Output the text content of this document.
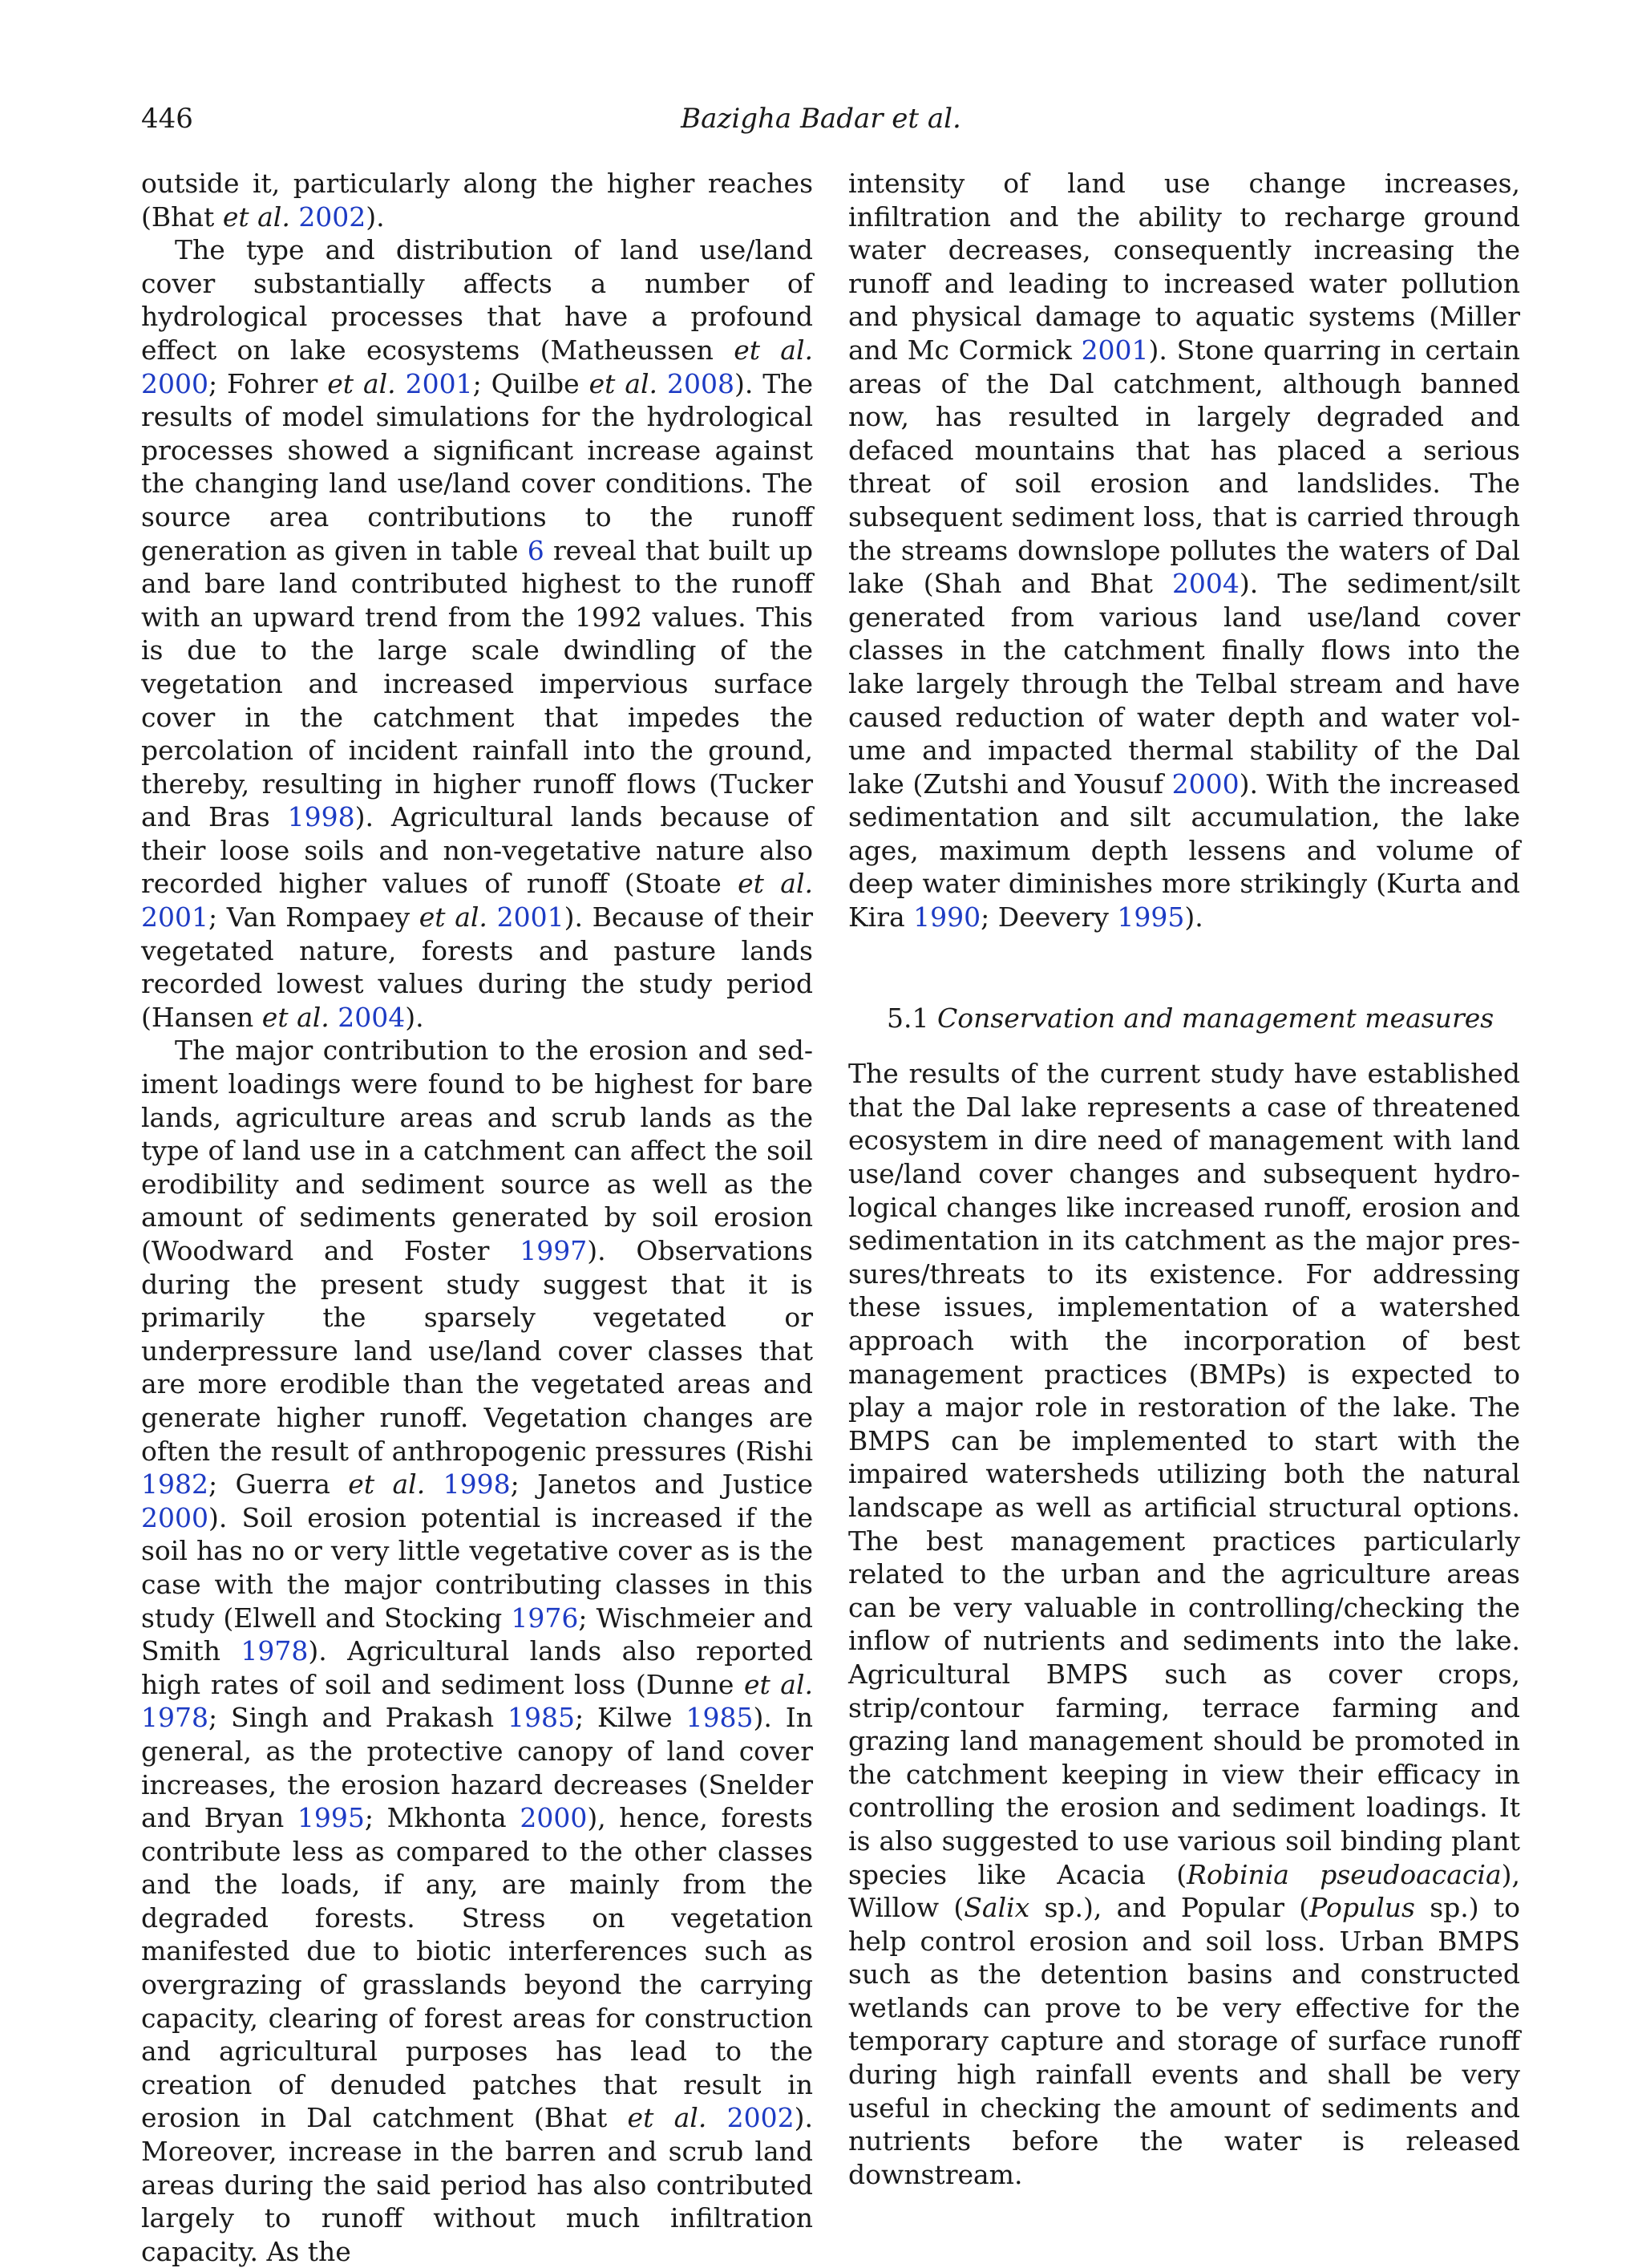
446	Bazigha Badar et al.

outside it, particularly along the higher reaches (Bhat et al. 2002).

The type and distribution of land use/land cover substantially affects a number of hydrological processes that have a profound effect on lake ecosystems (Matheussen et al. 2000; Fohrer et al. 2001; Quilbe et al. 2008). The results of model simulations for the hydrological processes showed a significant increase against the changing land use/land cover conditions. The source area contributions to the runoff generation as given in table 6 reveal that built up and bare land contributed highest to the runoff with an upward trend from the 1992 values. This is due to the large scale dwindling of the vegetation and increased impervious surface cover in the catchment that impedes the percolation of incident rainfall into the ground, thereby, resulting in higher runoff flows (Tucker and Bras 1998). Agricultural lands because of their loose soils and non-vegetative nature also recorded higher values of runoff (Stoate et al. 2001; Van Rompaey et al. 2001). Because of their vegetated nature, forests and pasture lands recorded lowest values during the study period (Hansen et al. 2004).

The major contribution to the erosion and sediment loadings were found to be highest for bare lands, agriculture areas and scrub lands as the type of land use in a catchment can affect the soil erodibility and sediment source as well as the amount of sediments generated by soil erosion (Woodward and Foster 1997). Observations during the present study suggest that it is primarily the sparsely vegetated or underpressure land use/land cover classes that are more erodible than the vegetated areas and generate higher runoff. Vegetation changes are often the result of anthropogenic pressures (Rishi 1982; Guerra et al. 1998; Janetos and Justice 2000). Soil erosion potential is increased if the soil has no or very little vegetative cover as is the case with the major contributing classes in this study (Elwell and Stocking 1976; Wischmeier and Smith 1978). Agricultural lands also reported high rates of soil and sediment loss (Dunne et al. 1978; Singh and Prakash 1985; Kilwe 1985). In general, as the protective canopy of land cover increases, the erosion hazard decreases (Snelder and Bryan 1995; Mkhonta 2000), hence, forests contribute less as compared to the other classes and the loads, if any, are mainly from the degraded forests. Stress on vegetation manifested due to biotic interferences such as overgrazing of grasslands beyond the carrying capacity, clearing of forest areas for construction and agricultural purposes has lead to the creation of denuded patches that result in erosion in Dal catchment (Bhat et al. 2002). Moreover, increase in the barren and scrub land areas during the said period has also contributed largely to runoff without much infiltration capacity. As the

intensity of land use change increases, infiltration and the ability to recharge ground water decreases, consequently increasing the runoff and leading to increased water pollution and physical damage to aquatic systems (Miller and Mc Cormick 2001). Stone quarring in certain areas of the Dal catchment, although banned now, has resulted in largely degraded and defaced mountains that has placed a serious threat of soil erosion and landslides. The subsequent sediment loss, that is carried through the streams downslope pollutes the waters of Dal lake (Shah and Bhat 2004). The sediment/silt generated from various land use/land cover classes in the catchment finally flows into the lake largely through the Telbal stream and have caused reduction of water depth and water volume and impacted thermal stability of the Dal lake (Zutshi and Yousuf 2000). With the increased sedimentation and silt accumulation, the lake ages, maximum depth lessens and volume of deep water diminishes more strikingly (Kurta and Kira 1990; Deevery 1995).

5.1 Conservation and management measures

The results of the current study have established that the Dal lake represents a case of threatened ecosystem in dire need of management with land use/land cover changes and subsequent hydrological changes like increased runoff, erosion and sedimentation in its catchment as the major pressures/threats to its existence. For addressing these issues, implementation of a watershed approach with the incorporation of best management practices (BMPs) is expected to play a major role in restoration of the lake. The BMPS can be implemented to start with the impaired watersheds utilizing both the natural landscape as well as artificial structural options. The best management practices particularly related to the urban and the agriculture areas can be very valuable in controlling/checking the inflow of nutrients and sediments into the lake. Agricultural BMPS such as cover crops, strip/contour farming, terrace farming and grazing land management should be promoted in the catchment keeping in view their efficacy in controlling the erosion and sediment loadings. It is also suggested to use various soil binding plant species like Acacia (Robinia pseudoacacia), Willow (Salix sp.), and Popular (Populus sp.) to help control erosion and soil loss. Urban BMPS such as the detention basins and constructed wetlands can prove to be very effective for the temporary capture and storage of surface runoff during high rainfall events and shall be very useful in checking the amount of sediments and nutrients before the water is released downstream.
